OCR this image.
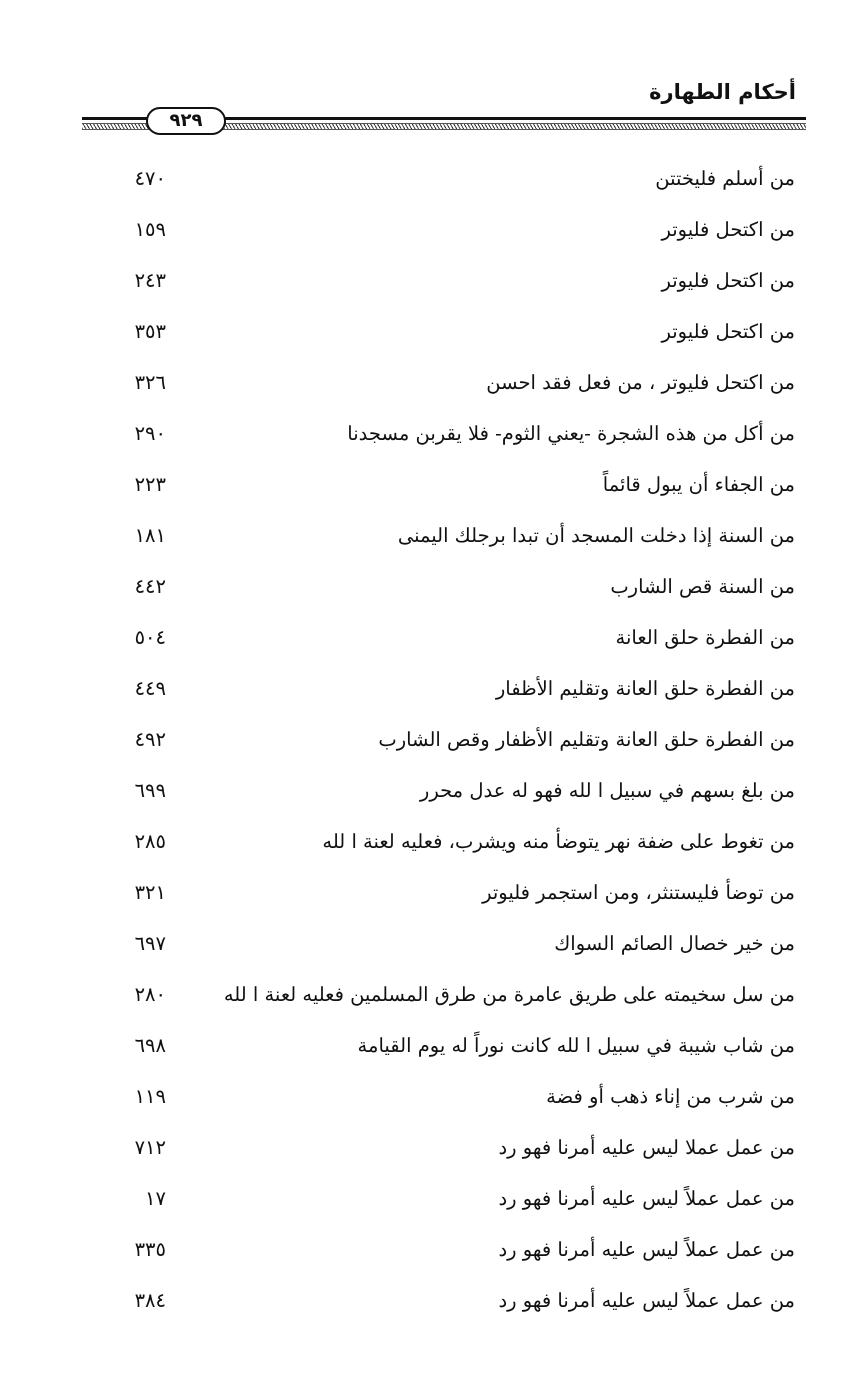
أحكام الطهارة
٩٢٩
من أسلم فليختتن
٤٧٠
من اكتحل فليوتر
١٥٩
من اكتحل فليوتر
٢٤٣
من اكتحل فليوتر
٣٥٣
من اكتحل فليوتر ، من فعل فقد احسن
٣٢٦
من أكل من هذه الشجرة -يعني الثوم- فلا يقربن مسجدنا
٢٩٠
من الجفاء أن يبول قائماً
٢٢٣
من السنة إذا دخلت المسجد أن تبدا برجلك اليمنى
١٨١
من السنة قص الشارب
٤٤٢
من الفطرة حلق العانة
٥٠٤
من الفطرة حلق العانة وتقليم الأظفار
٤٤٩
من الفطرة حلق العانة وتقليم الأظفار وقص الشارب
٤٩٢
من بلغ بسهم في سبيل ا لله فهو له عدل محرر
٦٩٩
من تغوط على ضفة نهر يتوضأ منه ويشرب، فعليه لعنة ا لله
٢٨٥
من توضأ فليستنثر، ومن استجمر فليوتر
٣٢١
من خير خصال الصائم السواك
٦٩٧
من سل سخيمته على طريق عامرة من طرق المسلمين فعليه لعنة ا لله
٢٨٠
من شاب شيبة في سبيل ا لله كانت نوراً له يوم القيامة
٦٩٨
من شرب من إناء ذهب أو فضة
١١٩
من عمل عملا ليس عليه أمرنا فهو رد
٧١٢
من عمل عملاً ليس عليه أمرنا فهو رد
١٧
من عمل عملاً ليس عليه أمرنا فهو رد
٣٣٥
من عمل عملاً ليس عليه أمرنا فهو رد
٣٨٤
